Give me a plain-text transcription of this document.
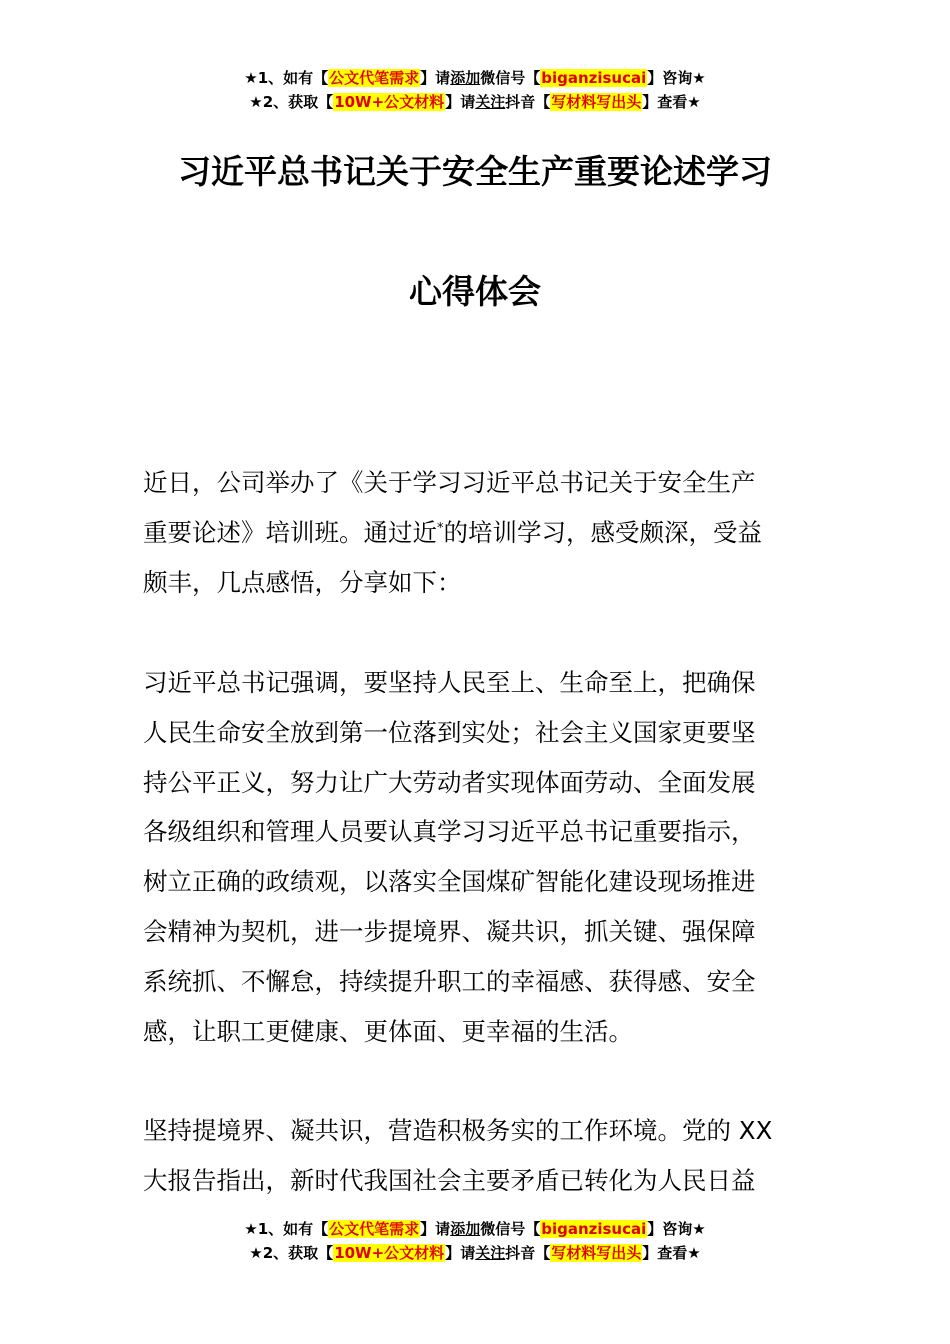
★1、如有【公文代笔需求】请添加微信号【biganzisucai】咨询★
★2、获取【10W+公文材料】请关注抖音【写材料写出头】查看★
习近平总书记关于安全生产重要论述学习
心得体会
近日，公司举办了《关于学习习近平总书记关于安全生产
重要论述》培训班。通过近*的培训学习，感受颇深，受益
颇丰，几点感悟，分享如下：
习近平总书记强调，要坚持人民至上、生命至上，把确保
人民生命安全放到第一位落到实处；社会主义国家更要坚
持公平正义，努力让广大劳动者实现体面劳动、全面发展
各级组织和管理人员要认真学习习近平总书记重要指示，
树立正确的政绩观，以落实全国煤矿智能化建设现场推进
会精神为契机，进一步提境界、凝共识，抓关键、强保障
系统抓、不懈怠，持续提升职工的幸福感、获得感、安全
感，让职工更健康、更体面、更幸福的生活。
坚持提境界、凝共识，营造积极务实的工作环境。党的 XX
大报告指出，新时代我国社会主要矛盾已转化为人民日益
★1、如有【公文代笔需求】请添加微信号【biganzisucai】咨询★
★2、获取【10W+公文材料】请关注抖音【写材料写出头】查看★
